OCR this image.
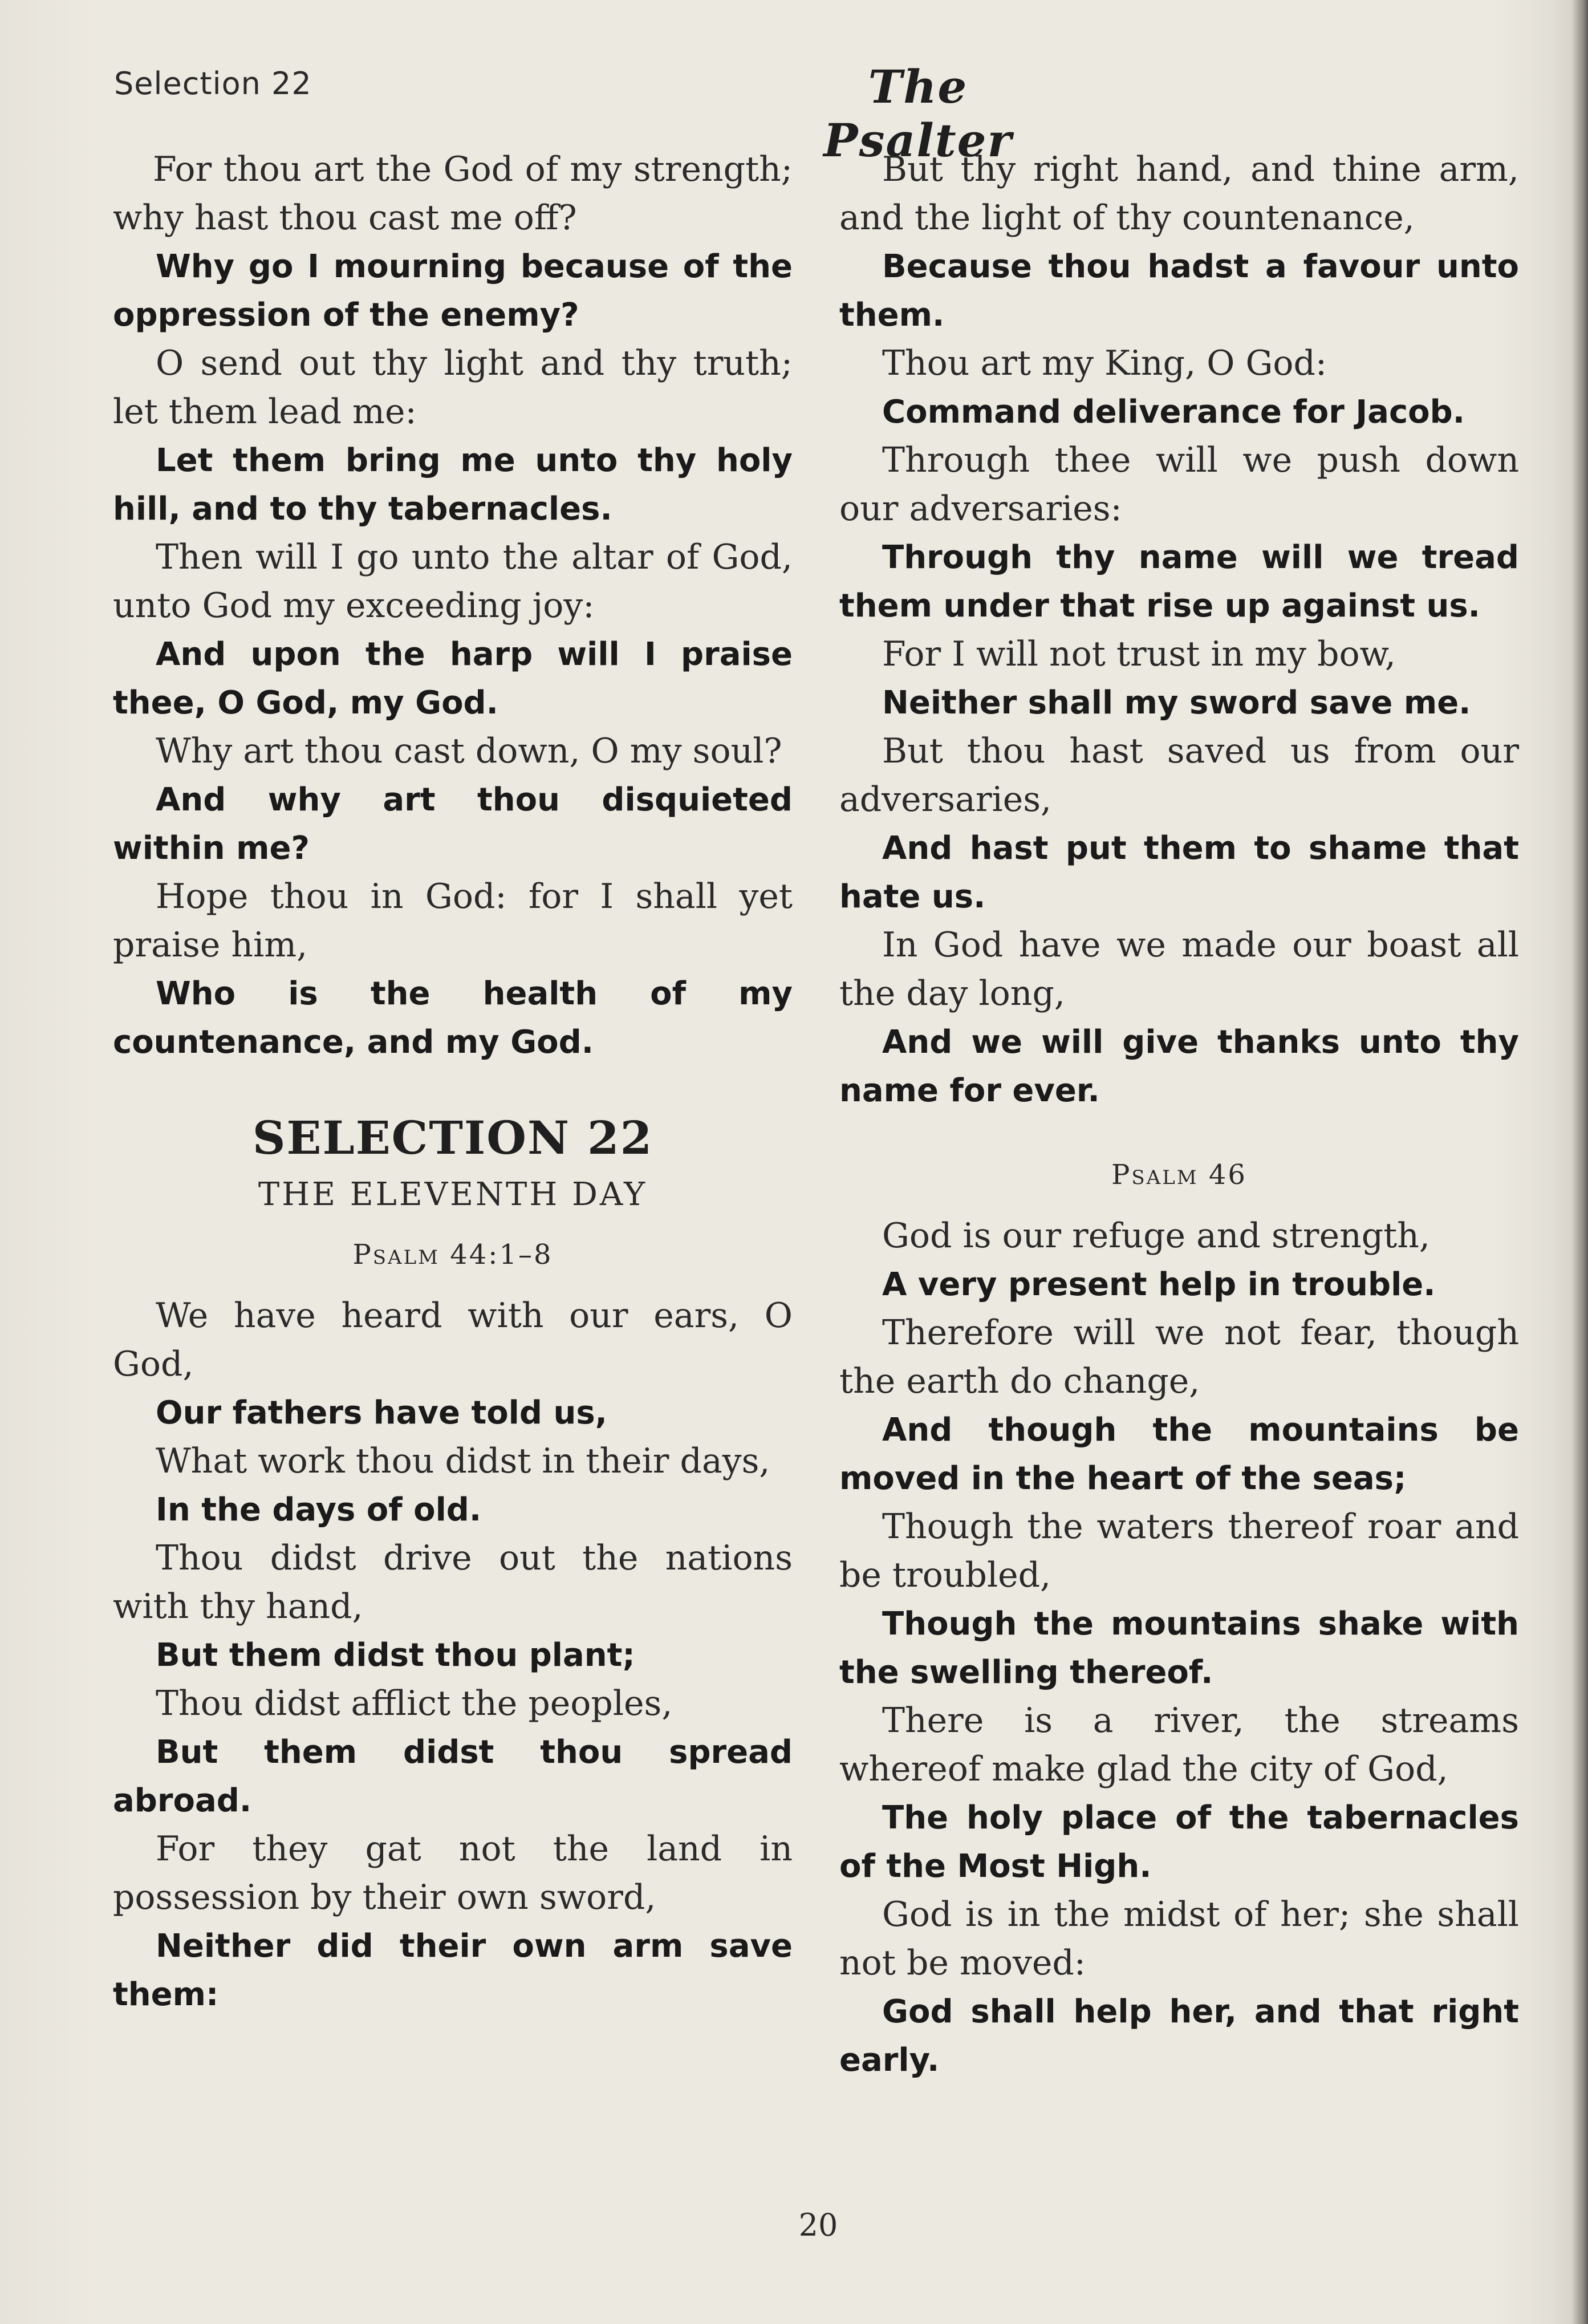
Selection 22	The Psalter

For thou art the God of my strength; why hast thou cast me off?

Why go I mourning because of the oppression of the enemy?

O send out thy light and thy truth; let them lead me:

Let them bring me unto thy holy hill, and to thy tabernacles.

Then will I go unto the altar of God, unto God my exceeding joy:

And upon the harp will I praise thee, O God, my God.

Why art thou cast down, O my soul?

And why art thou disquieted within me?

Hope thou in God: for I shall yet praise him,

Who is the health of my countenance, and my God.

SELECTION 22
THE ELEVENTH DAY
Psalm 44:1–8

We have heard with our ears, O God,

Our fathers have told us,

What work thou didst in their days,

In the days of old.

Thou didst drive out the nations with thy hand,

But them didst thou plant;

Thou didst afflict the peoples,

But them didst thou spread abroad.

For they gat not the land in possession by their own sword,

Neither did their own arm save them:

But thy right hand, and thine arm, and the light of thy countenance,

Because thou hadst a favour unto them.

Thou art my King, O God:

Command deliverance for Jacob.

Through thee will we push down our adversaries:

Through thy name will we tread them under that rise up against us.

For I will not trust in my bow,

Neither shall my sword save me.

But thou hast saved us from our adversaries,

And hast put them to shame that hate us.

In God have we made our boast all the day long,

And we will give thanks unto thy name for ever.

Psalm 46

God is our refuge and strength,

A very present help in trouble.

Therefore will we not fear, though the earth do change,

And though the mountains be moved in the heart of the seas;

Though the waters thereof roar and be troubled,

Though the mountains shake with the swelling thereof.

There is a river, the streams whereof make glad the city of God,

The holy place of the tabernacles of the Most High.

God is in the midst of her; she shall not be moved:

God shall help her, and that right early.

20
